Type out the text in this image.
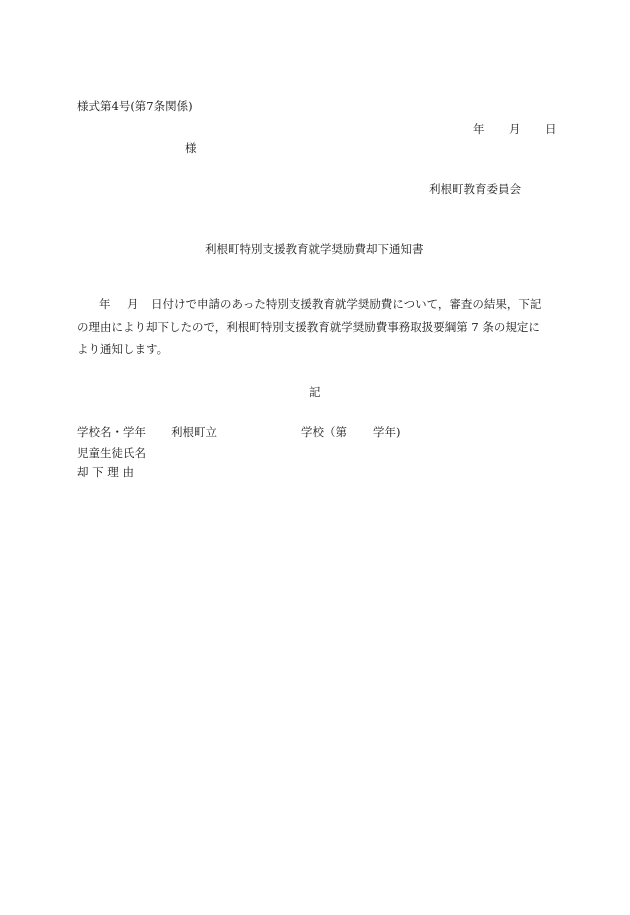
様式第4号(第7条関係)
年 月 日
様
利根町教育委員会
利根町特別支援教育就学奨励費却下通知書
年 月 日付けで申請のあった特別支援教育就学奨励費について，審査の結果，下記
の理由により却下したので，利根町特別支援教育就学奨励費事務取扱要綱第 7 条の規定に
より通知します。
記
学校名・学年 利根町立	学校（第 学年)
児童生徒氏名
却 下 理 由
